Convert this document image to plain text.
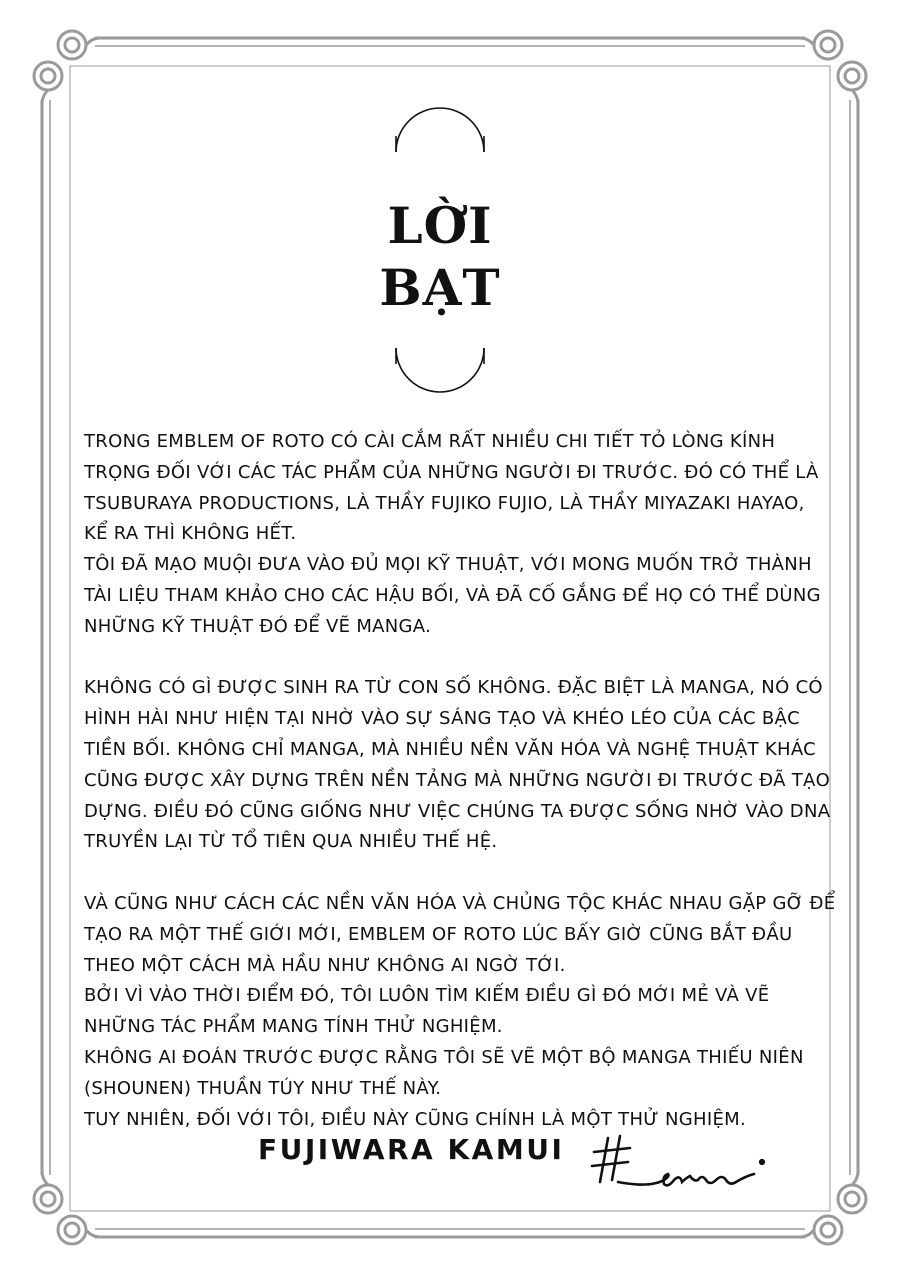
LỜI
BẠT

TRONG EMBLEM OF ROTO CÓ CÀI CẮM RẤT NHIỀU CHI TIẾT TỎ LÒNG KÍNH
TRỌNG ĐỐI VỚI CÁC TÁC PHẨM CỦA NHỮNG NGƯỜI ĐI TRƯỚC. ĐÓ CÓ THỂ LÀ
TSUBURAYA PRODUCTIONS, LÀ THẦY FUJIKO FUJIO, LÀ THẦY MIYAZAKI HAYAO,
KỂ RA THÌ KHÔNG HẾT.
TÔI ĐÃ MẠO MUỘI ĐƯA VÀO ĐỦ MỌI KỸ THUẬT, VỚI MONG MUỐN TRỞ THÀNH
TÀI LIỆU THAM KHẢO CHO CÁC HẬU BỐI, VÀ ĐÃ CỐ GẮNG ĐỂ HỌ CÓ THỂ DÙNG
NHỮNG KỸ THUẬT ĐÓ ĐỂ VẼ MANGA.

KHÔNG CÓ GÌ ĐƯỢC SINH RA TỪ CON SỐ KHÔNG. ĐẶC BIỆT LÀ MANGA, NÓ CÓ
HÌNH HÀI NHƯ HIỆN TẠI NHỜ VÀO SỰ SÁNG TẠO VÀ KHÉO LÉO CỦA CÁC BẬC
TIỀN BỐI. KHÔNG CHỈ MANGA, MÀ NHIỀU NỀN VĂN HÓA VÀ NGHỆ THUẬT KHÁC
CŨNG ĐƯỢC XÂY DỰNG TRÊN NỀN TẢNG MÀ NHỮNG NGƯỜI ĐI TRƯỚC ĐÃ TẠO
DỰNG. ĐIỀU ĐÓ CŨNG GIỐNG NHƯ VIỆC CHÚNG TA ĐƯỢC SỐNG NHỜ VÀO DNA
TRUYỀN LẠI TỪ TỔ TIÊN QUA NHIỀU THẾ HỆ.

VÀ CŨNG NHƯ CÁCH CÁC NỀN VĂN HÓA VÀ CHỦNG TỘC KHÁC NHAU GẶP GỠ ĐỂ
TẠO RA MỘT THẾ GIỚI MỚI, EMBLEM OF ROTO LÚC BẤY GIỜ CŨNG BẮT ĐẦU
THEO MỘT CÁCH MÀ HẦU NHƯ KHÔNG AI NGỜ TỚI.
BỞI VÌ VÀO THỜI ĐIỂM ĐÓ, TÔI LUÔN TÌM KIẾM ĐIỀU GÌ ĐÓ MỚI MẺ VÀ VẼ
NHỮNG TÁC PHẨM MANG TÍNH THỬ NGHIỆM.
KHÔNG AI ĐOÁN TRƯỚC ĐƯỢC RẰNG TÔI SẼ VẼ MỘT BỘ MANGA THIẾU NIÊN
(SHOUNEN) THUẦN TÚY NHƯ THẾ NÀY.
TUY NHIÊN, ĐỐI VỚI TÔI, ĐIỀU NÀY CŨNG CHÍNH LÀ MỘT THỬ NGHIỆM.

FUJIWARA KAMUI
